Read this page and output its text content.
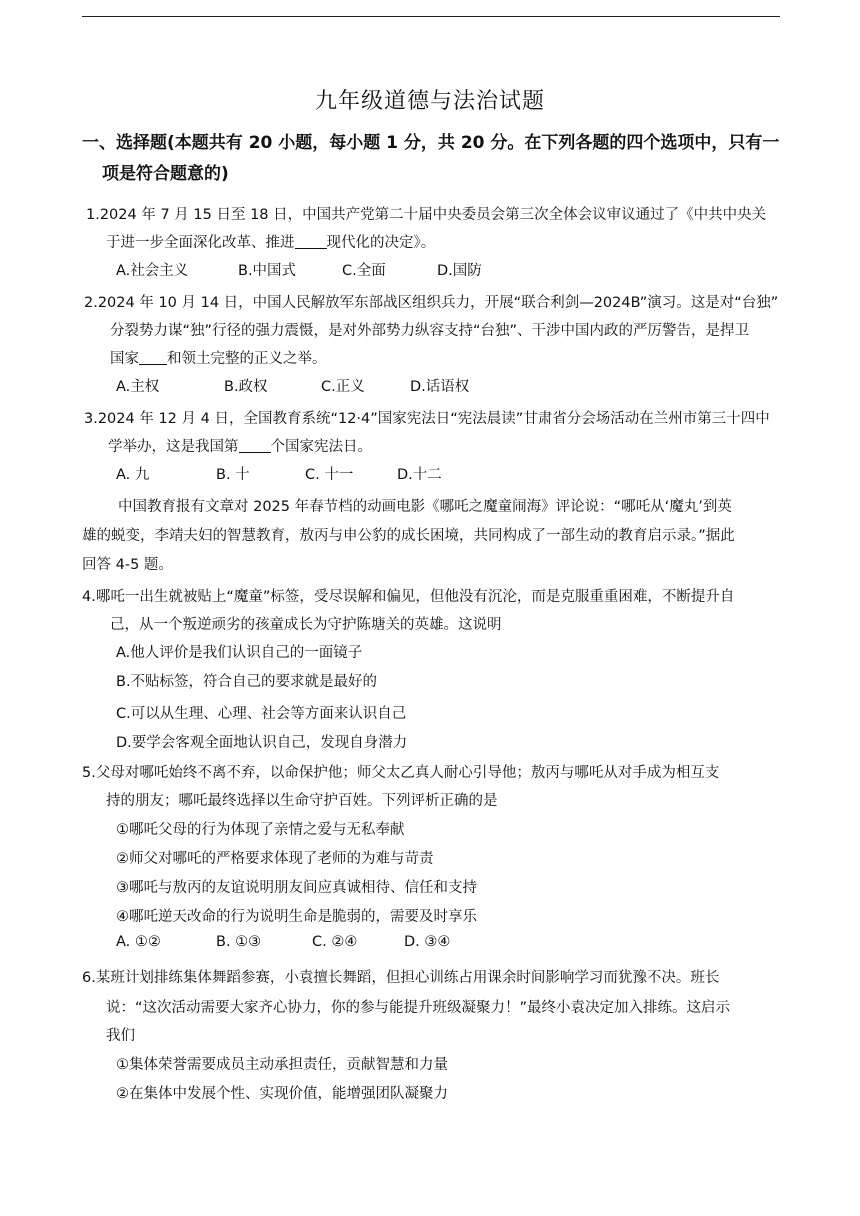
九年级道德与法治试题
一、选择题(本题共有 20 小题，每小题 1 分，共 20 分。在下列各题的四个选项中，只有一
项是符合题意的)
1.2024 年 7 月 15 日至 18 日，中国共产党第二十届中央委员会第三次全体会议审议通过了《中共中央关
于进一步全面深化改革、推进 现代化的决定》。
A.社会主义	B.中国式	C.全面	D.国防
2.2024 年 10 月 14 日，中国人民解放军东部战区组织兵力，开展“联合利剑—2024B”演习。这是对“台独”
分裂势力谋“独”行径的强力震慑，是对外部势力纵容支持“台独”、干涉中国内政的严厉警告，是捍卫
国家 和领土完整的正义之举。
A.主权	B.政权	C.正义	D.话语权
3.2024 年 12 月 4 日，全国教育系统“12·4”国家宪法日“宪法晨读”甘肃省分会场活动在兰州市第三十四中
学举办，这是我国第 个国家宪法日。
A. 九	B. 十	C. 十一	D.十二
中国教育报有文章对 2025 年春节档的动画电影《哪吒之魔童闹海》评论说：“哪吒从‘魔丸’到英
雄的蜕变，李靖夫妇的智慧教育，敖丙与申公豹的成长困境，共同构成了一部生动的教育启示录。”据此
回答 4-5 题。
4.哪吒一出生就被贴上“魔童”标签，受尽误解和偏见，但他没有沉沦，而是克服重重困难，不断提升自
己，从一个叛逆顽劣的孩童成长为守护陈塘关的英雄。这说明
A.他人评价是我们认识自己的一面镜子
B.不贴标签，符合自己的要求就是最好的
C.可以从生理、心理、社会等方面来认识自己
D.要学会客观全面地认识自己，发现自身潜力
5.父母对哪吒始终不离不弃，以命保护他；师父太乙真人耐心引导他；敖丙与哪吒从对手成为相互支
持的朋友；哪吒最终选择以生命守护百姓。下列评析正确的是
①哪吒父母的行为体现了亲情之爱与无私奉献
②师父对哪吒的严格要求体现了老师的为难与苛责
③哪吒与敖丙的友谊说明朋友间应真诚相待、信任和支持
④哪吒逆天改命的行为说明生命是脆弱的，需要及时享乐
A. ①②	B. ①③	C. ②④	D. ③④
6.某班计划排练集体舞蹈参赛，小袁擅长舞蹈，但担心训练占用课余时间影响学习而犹豫不决。班长
说：“这次活动需要大家齐心协力，你的参与能提升班级凝聚力！”最终小袁决定加入排练。这启示
我们
①集体荣誉需要成员主动承担责任，贡献智慧和力量
②在集体中发展个性、实现价值，能增强团队凝聚力
